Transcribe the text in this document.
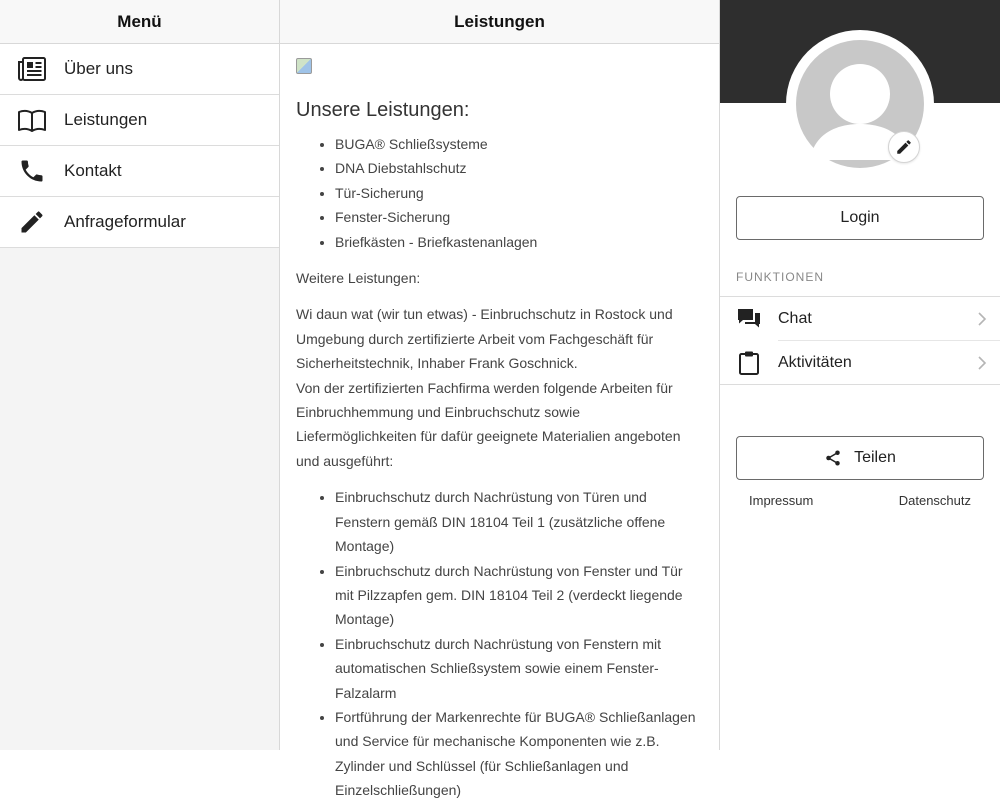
Menü
Über uns
Leistungen
Kontakt
Anfrageformular
Leistungen
Unsere Leistungen:
• BUGA® Schließsysteme
• DNA Diebstahlschutz
• Tür-Sicherung
• Fenster-Sicherung
• Briefkästen - Briefkastenanlagen

Weitere Leistungen:

Wi daun wat (wir tun etwas) - Einbruchschutz in Rostock und Umgebung durch zertifizierte Arbeit vom Fachgeschäft für Sicherheitstechnik, Inhaber Frank Goschnick.
Von der zertifizierten Fachfirma werden folgende Arbeiten für Einbruchhemmung und Einbruchschutz sowie Liefermöglichkeiten für dafür geeignete Materialien angeboten und ausgeführt:

• Einbruchschutz durch Nachrüstung von Türen und Fenstern gemäß DIN 18104 Teil 1 (zusätzliche offene Montage)
• Einbruchschutz durch Nachrüstung von Fenster und Tür mit Pilzzapfen gem. DIN 18104 Teil 2 (verdeckt liegende Montage)
• Einbruchschutz durch Nachrüstung von Fenstern mit automatischen Schließsystem sowie einem Fenster-Falzalarm
• Fortführung der Markenrechte für BUGA® Schließanlagen und Service für mechanische Komponenten wie z.B. Zylinder und Schlüssel (für Schließanlagen und Einzelschließungen)
Login
FUNKTIONEN
Chat
Aktivitäten
Teilen
Impressum	Datenschutz
